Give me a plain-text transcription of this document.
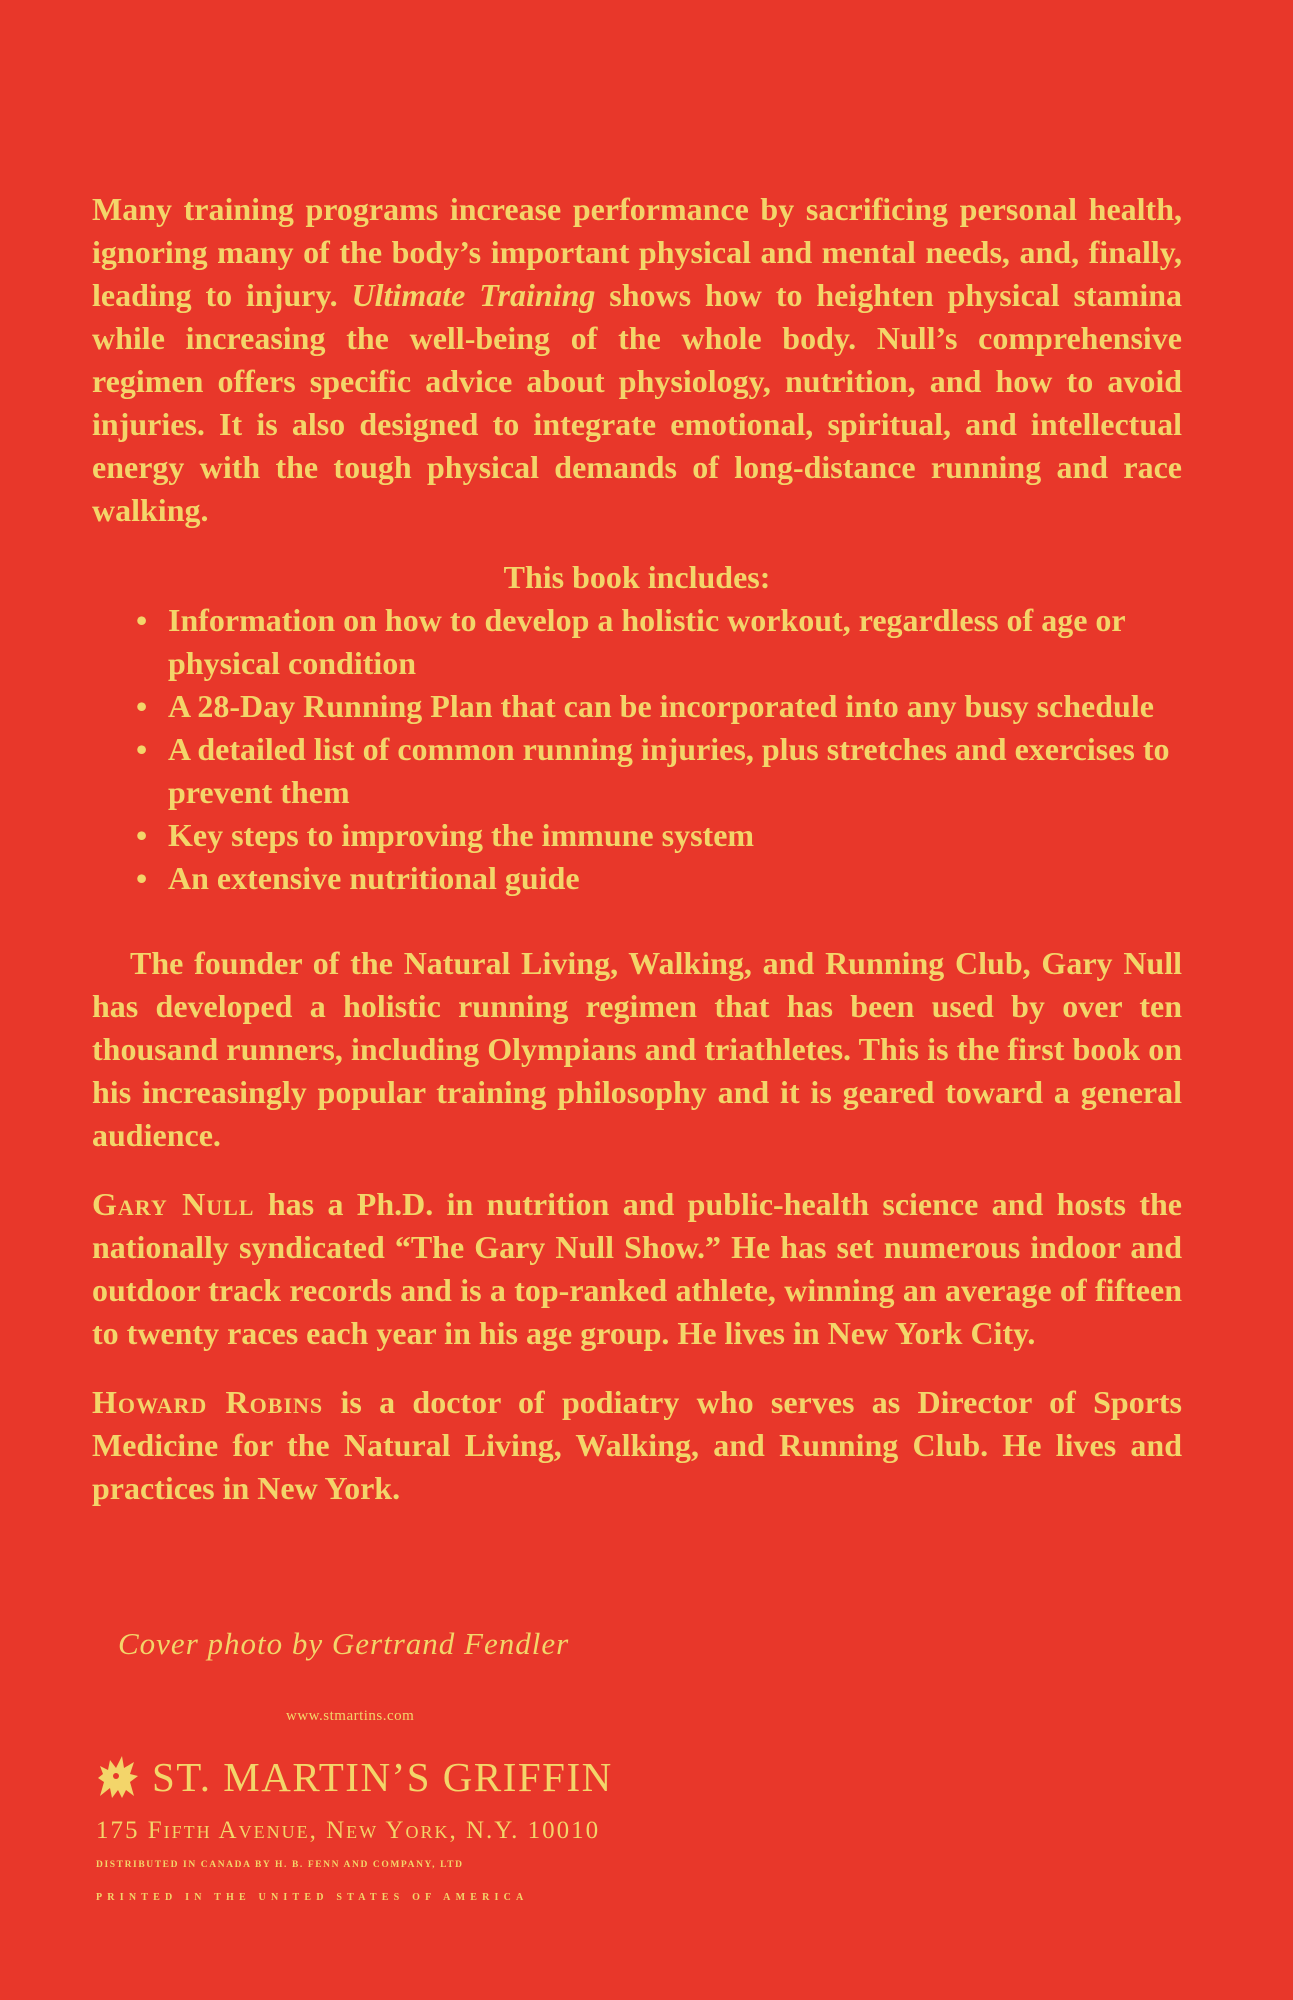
Many training programs increase performance by sacrificing personal health, ignoring many of the body’s important physical and mental needs, and, finally, leading to injury. Ultimate Training shows how to heighten physical stamina while increasing the well-being of the whole body. Null’s comprehensive regimen offers specific advice about physiology, nutrition, and how to avoid injuries. It is also designed to integrate emotional, spiritual, and intellectual energy with the tough physical demands of long-distance running and race walking.

This book includes:

• Information on how to develop a holistic workout, regardless of age or physical condition
• A 28-Day Running Plan that can be incorporated into any busy schedule
• A detailed list of common running injuries, plus stretches and exercises to prevent them
• Key steps to improving the immune system
• An extensive nutritional guide

The founder of the Natural Living, Walking, and Running Club, Gary Null has developed a holistic running regimen that has been used by over ten thousand runners, including Olympians and triathletes. This is the first book on his increasingly popular training philosophy and it is geared toward a general audience.

Gary Null has a Ph.D. in nutrition and public-health science and hosts the nationally syndicated “The Gary Null Show.” He has set numerous indoor and outdoor track records and is a top-ranked athlete, winning an average of fifteen to twenty races each year in his age group. He lives in New York City.

Howard Robins is a doctor of podiatry who serves as Director of Sports Medicine for the Natural Living, Walking, and Running Club. He lives and practices in New York.

Cover photo by Gertrand Fendler
www.stmartins.com
ST. MARTIN’S GRIFFIN
175 Fifth Avenue, New York, N.Y. 10010
DISTRIBUTED IN CANADA BY H. B. FENN AND COMPANY, LTD
PRINTED IN THE UNITED STATES OF AMERICA
